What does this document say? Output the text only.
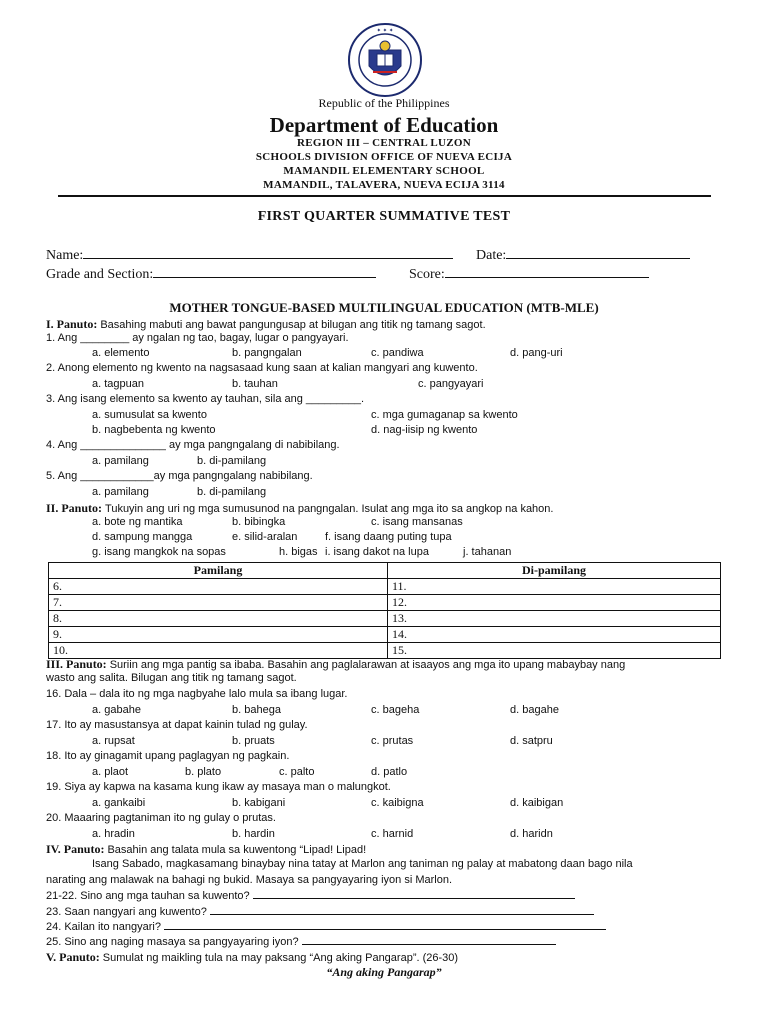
✦ ✦ ✦
Republic of the Philippines
Department of Education
REGION III – CENTRAL LUZON
SCHOOLS DIVISION OFFICE OF NUEVA ECIJA
MAMANDIL ELEMENTARY SCHOOL
MAMANDIL, TALAVERA, NUEVA ECIJA 3114
FIRST QUARTER SUMMATIVE TEST
Name:	Date:
Grade and Section:	Score:
MOTHER TONGUE-BASED MULTILINGUAL EDUCATION (MTB-MLE)
I. Panuto: Basahing mabuti ang bawat pangungusap at bilugan ang titik ng tamang sagot.
1. Ang ________ ay ngalan ng tao, bagay, lugar o pangyayari.
a. elemento	b. pangngalan	c. pandiwa	d. pang-uri
2. Anong elemento ng kwento na nagsasaad kung saan at kalian mangyari ang kuwento.
a. tagpuan	b. tauhan	c. pangyayari
3. Ang isang elemento sa kwento ay tauhan, sila ang _________.
a. sumusulat sa kwento	c. mga gumaganap sa kwento
b. nagbebenta ng kwento	d. nag-iisip ng kwento
4. Ang ______________ ay mga pangngalang di nabibilang.
a. pamilang	b. di-pamilang
5. Ang ____________ay mga pangngalang nabibilang.
a. pamilang	b. di-pamilang
II. Panuto: Tukuyin ang uri ng mga sumusunod na pangngalan. Isulat ang mga ito sa angkop na kahon.
a. bote ng mantika	b. bibingka	c. isang mansanas
d. sampung mangga	e. silid-aralan	f. isang daang puting tupa
g. isang mangkok na sopas	h. bigas i. isang dakot na lupa	j. tahanan
Pamilang	Di-pamilang
6.	11.
7.	12.
8.	13.
9.	14.
10.	15.
III. Panuto: Suriin ang mga pantig sa ibaba. Basahin ang paglalarawan at isaayos ang mga ito upang mabaybay nang
wasto ang salita. Bilugan ang titik ng tamang sagot.
16. Dala – dala ito ng mga nagbyahe lalo mula sa ibang lugar.
a. gabahe	b. bahega	c. bageha	d. bagahe
17. Ito ay masustansya at dapat kainin tulad ng gulay.
a. rupsat	b. pruats	c. prutas	d. satpru
18. Ito ay ginagamit upang paglagyan ng pagkain.
a. plaot	b. plato	c. palto	d. patlo
19. Siya ay kapwa na kasama kung ikaw ay masaya man o malungkot.
a. gankaibi	b. kabigani	c. kaibigna	d. kaibigan
20. Maaaring pagtaniman ito ng gulay o prutas.
a. hradin	b. hardin	c. harnid	d. haridn
IV. Panuto: Basahin ang talata mula sa kuwentong “Lipad! Lipad!
Isang Sabado, magkasamang binaybay nina tatay at Marlon ang taniman ng palay at mabatong daan bago nila
narating ang malawak na bahagi ng bukid. Masaya sa pangyayaring iyon si Marlon.
21-22. Sino ang mga tauhan sa kuwento?
23. Saan nangyari ang kuwento?
24. Kailan ito nangyari?
25. Sino ang naging masaya sa pangyayaring iyon?
V. Panuto: Sumulat ng maikling tula na may paksang “Ang aking Pangarap”. (26-30)
“Ang aking Pangarap”
